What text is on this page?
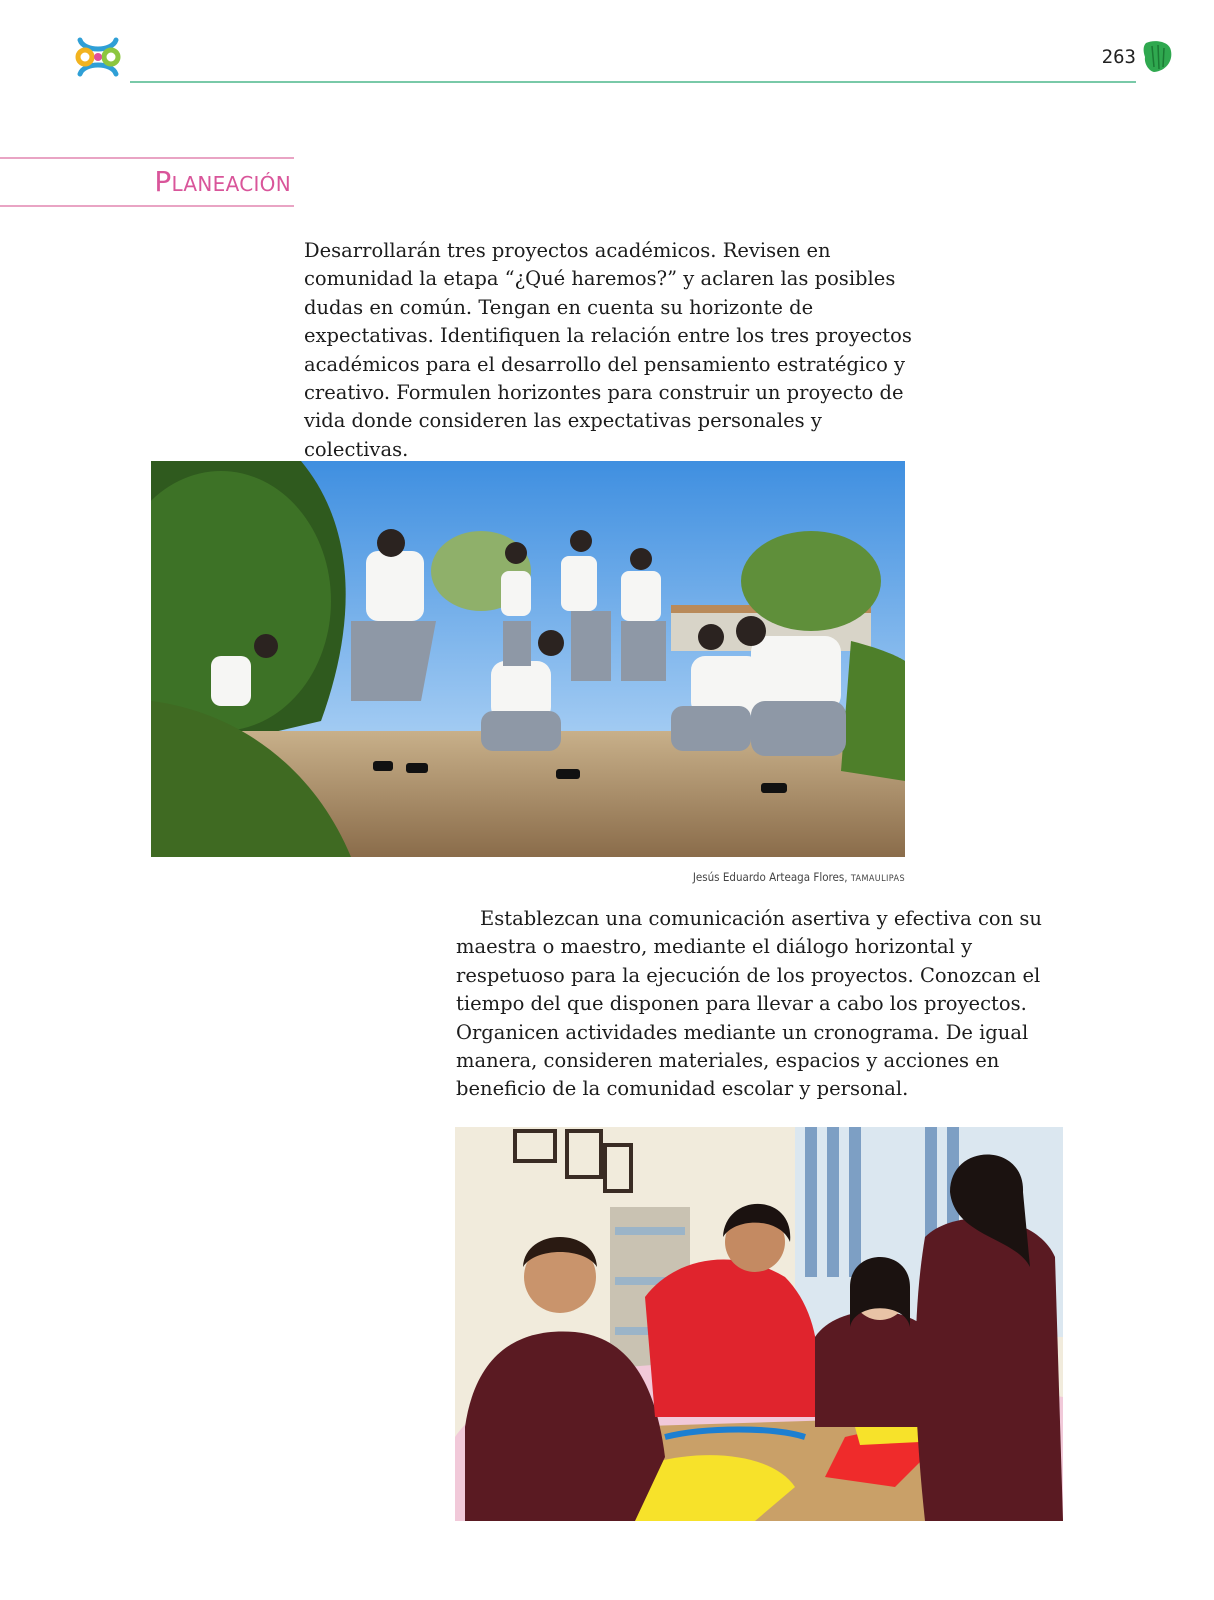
263
Planeación

Desarrollarán tres proyectos académicos. Revisen en comunidad la etapa “¿Qué haremos?” y aclaren las posibles dudas en común. Tengan en cuenta su horizonte de expectativas. Identifiquen la relación entre los tres proyectos académicos para el desarrollo del pensamiento estratégico y creativo. Formulen horizontes para construir un proyecto de vida donde consideren las expectativas personales y colectivas.

Jesús Eduardo Arteaga Flores, TAMAULIPAS

Establezcan una comunicación asertiva y efectiva con su maestra o maestro, mediante el diálogo horizontal y respetuoso para la ejecución de los proyectos. Conozcan el tiempo del que disponen para llevar a cabo los proyectos. Organicen actividades mediante un cronograma. De igual manera, consideren materiales, espacios y acciones en beneficio de la comunidad escolar y personal.
